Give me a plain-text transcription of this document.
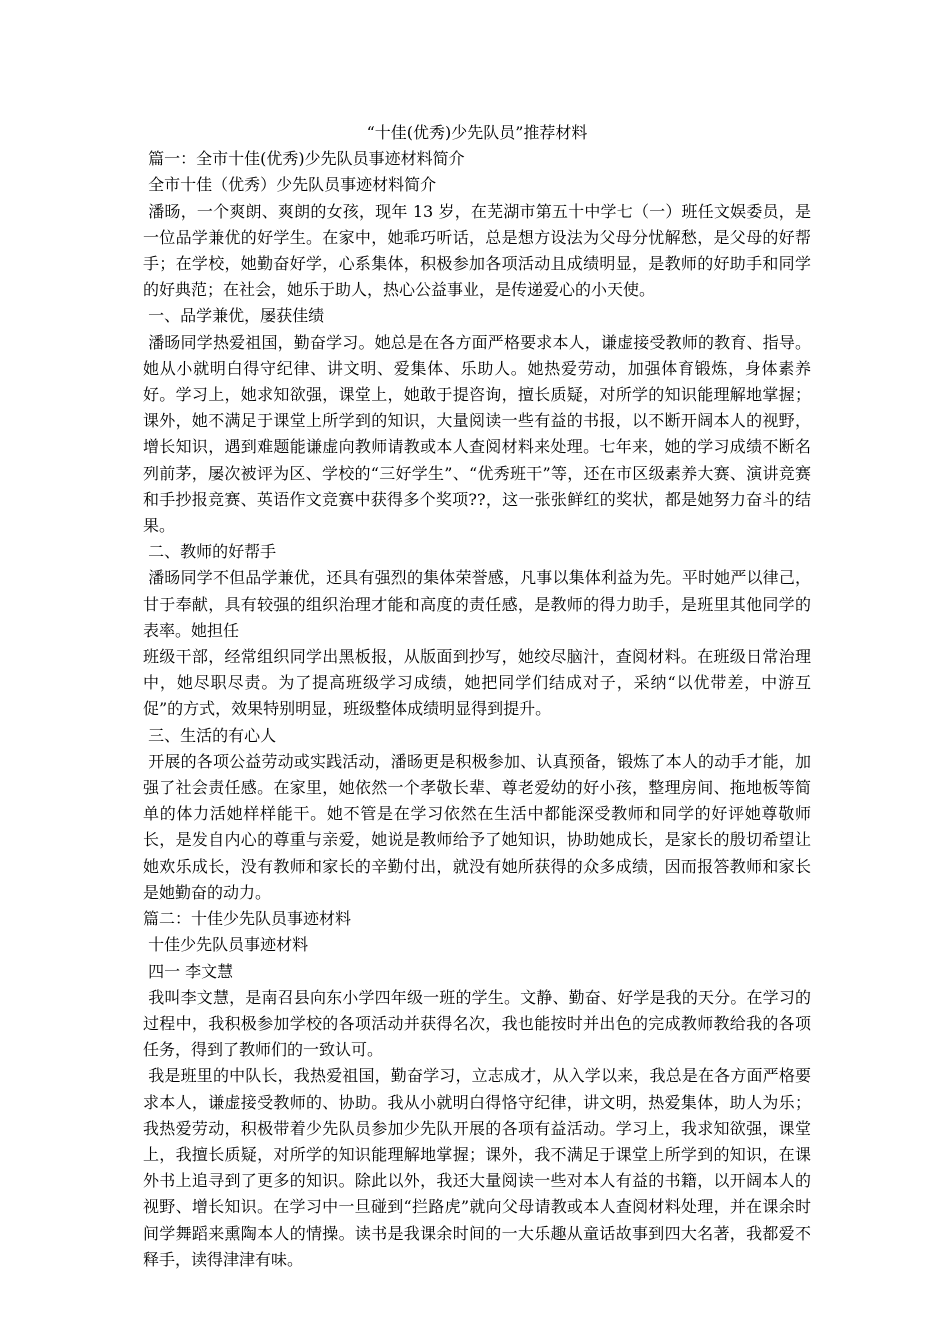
“十佳(优秀)少先队员”推荐材料

篇一：全市十佳(优秀)少先队员事迹材料简介

全市十佳（优秀）少先队员事迹材料简介

潘旸，一个爽朗、爽朗的女孩，现年 13 岁，在芜湖市第五十中学七（一）班任文娱委员，是一位品学兼优的好学生。在家中，她乖巧听话，总是想方设法为父母分忧解愁，是父母的好帮手；在学校，她勤奋好学，心系集体，积极参加各项活动且成绩明显，是教师的好助手和同学的好典范；在社会，她乐于助人，热心公益事业，是传递爱心的小天使。

一、品学兼优，屡获佳绩

潘旸同学热爱祖国，勤奋学习。她总是在各方面严格要求本人，谦虚接受教师的教育、指导。她从小就明白得守纪律、讲文明、爱集体、乐助人。她热爱劳动，加强体育锻炼，身体素养好。学习上，她求知欲强，课堂上，她敢于提咨询，擅长质疑，对所学的知识能理解地掌握；课外，她不满足于课堂上所学到的知识，大量阅读一些有益的书报，以不断开阔本人的视野，增长知识，遇到难题能谦虚向教师请教或本人查阅材料来处理。七年来，她的学习成绩不断名列前茅，屡次被评为区、学校的“三好学生”、“优秀班干”等，还在市区级素养大赛、演讲竞赛和手抄报竞赛、英语作文竞赛中获得多个奖项??，这一张张鲜红的奖状，都是她努力奋斗的结果。

二、教师的好帮手

潘旸同学不但品学兼优，还具有强烈的集体荣誉感，凡事以集体利益为先。平时她严以律己，甘于奉献，具有较强的组织治理才能和高度的责任感，是教师的得力助手，是班里其他同学的表率。她担任

班级干部，经常组织同学出黑板报，从版面到抄写，她绞尽脑汁，查阅材料。在班级日常治理中，她尽职尽责。为了提高班级学习成绩，她把同学们结成对子，采纳“以优带差，中游互促”的方式，效果特别明显，班级整体成绩明显得到提升。

三、生活的有心人

开展的各项公益劳动或实践活动，潘旸更是积极参加、认真预备，锻炼了本人的动手才能，加强了社会责任感。在家里，她依然一个孝敬长辈、尊老爱幼的好小孩，整理房间、拖地板等简单的体力活她样样能干。她不管是在学习依然在生活中都能深受教师和同学的好评她尊敬师长，是发自内心的尊重与亲爱，她说是教师给予了她知识，协助她成长，是家长的殷切希望让她欢乐成长，没有教师和家长的辛勤付出，就没有她所获得的众多成绩，因而报答教师和家长是她勤奋的动力。

篇二：十佳少先队员事迹材料

十佳少先队员事迹材料

四一 李文慧

我叫李文慧，是南召县向东小学四年级一班的学生。文静、勤奋、好学是我的天分。在学习的过程中，我积极参加学校的各项活动并获得名次，我也能按时并出色的完成教师教给我的各项任务，得到了教师们的一致认可。

我是班里的中队长，我热爱祖国，勤奋学习，立志成才，从入学以来，我总是在各方面严格要求本人，谦虚接受教师的、协助。我从小就明白得恪守纪律，讲文明，热爱集体，助人为乐；我热爱劳动，积极带着少先队员参加少先队开展的各项有益活动。学习上，我求知欲强，课堂上，我擅长质疑，对所学的知识能理解地掌握；课外，我不满足于课堂上所学到的知识，在课外书上追寻到了更多的知识。除此以外，我还大量阅读一些对本人有益的书籍，以开阔本人的视野、增长知识。在学习中一旦碰到“拦路虎”就向父母请教或本人查阅材料处理，并在课余时间学舞蹈来熏陶本人的情操。读书是我课余时间的一大乐趣从童话故事到四大名著，我都爱不释手，读得津津有味。
